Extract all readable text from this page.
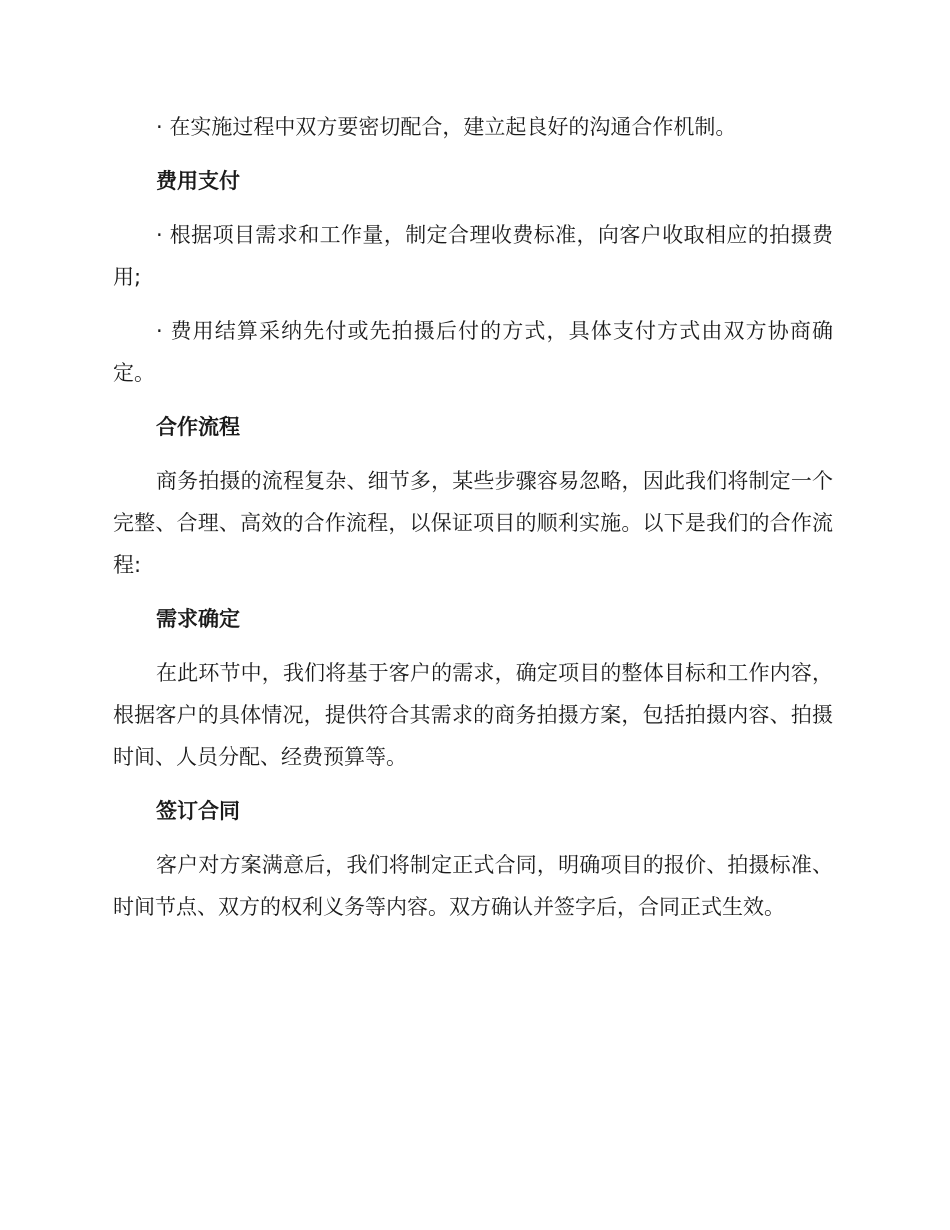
· 在实施过程中双方要密切配合，建立起良好的沟通合作机制。

费用支付

· 根据项目需求和工作量，制定合理收费标准，向客户收取相应的拍摄费用;

· 费用结算采纳先付或先拍摄后付的方式，具体支付方式由双方协商确定。

合作流程

商务拍摄的流程复杂、细节多，某些步骤容易忽略，因此我们将制定一个完整、合理、高效的合作流程，以保证项目的顺利实施。以下是我们的合作流程:

需求确定

在此环节中，我们将基于客户的需求，确定项目的整体目标和工作内容，根据客户的具体情况，提供符合其需求的商务拍摄方案，包括拍摄内容、拍摄时间、人员分配、经费预算等。

签订合同

客户对方案满意后，我们将制定正式合同，明确项目的报价、拍摄标准、时间节点、双方的权利义务等内容。双方确认并签字后，合同正式生效。
